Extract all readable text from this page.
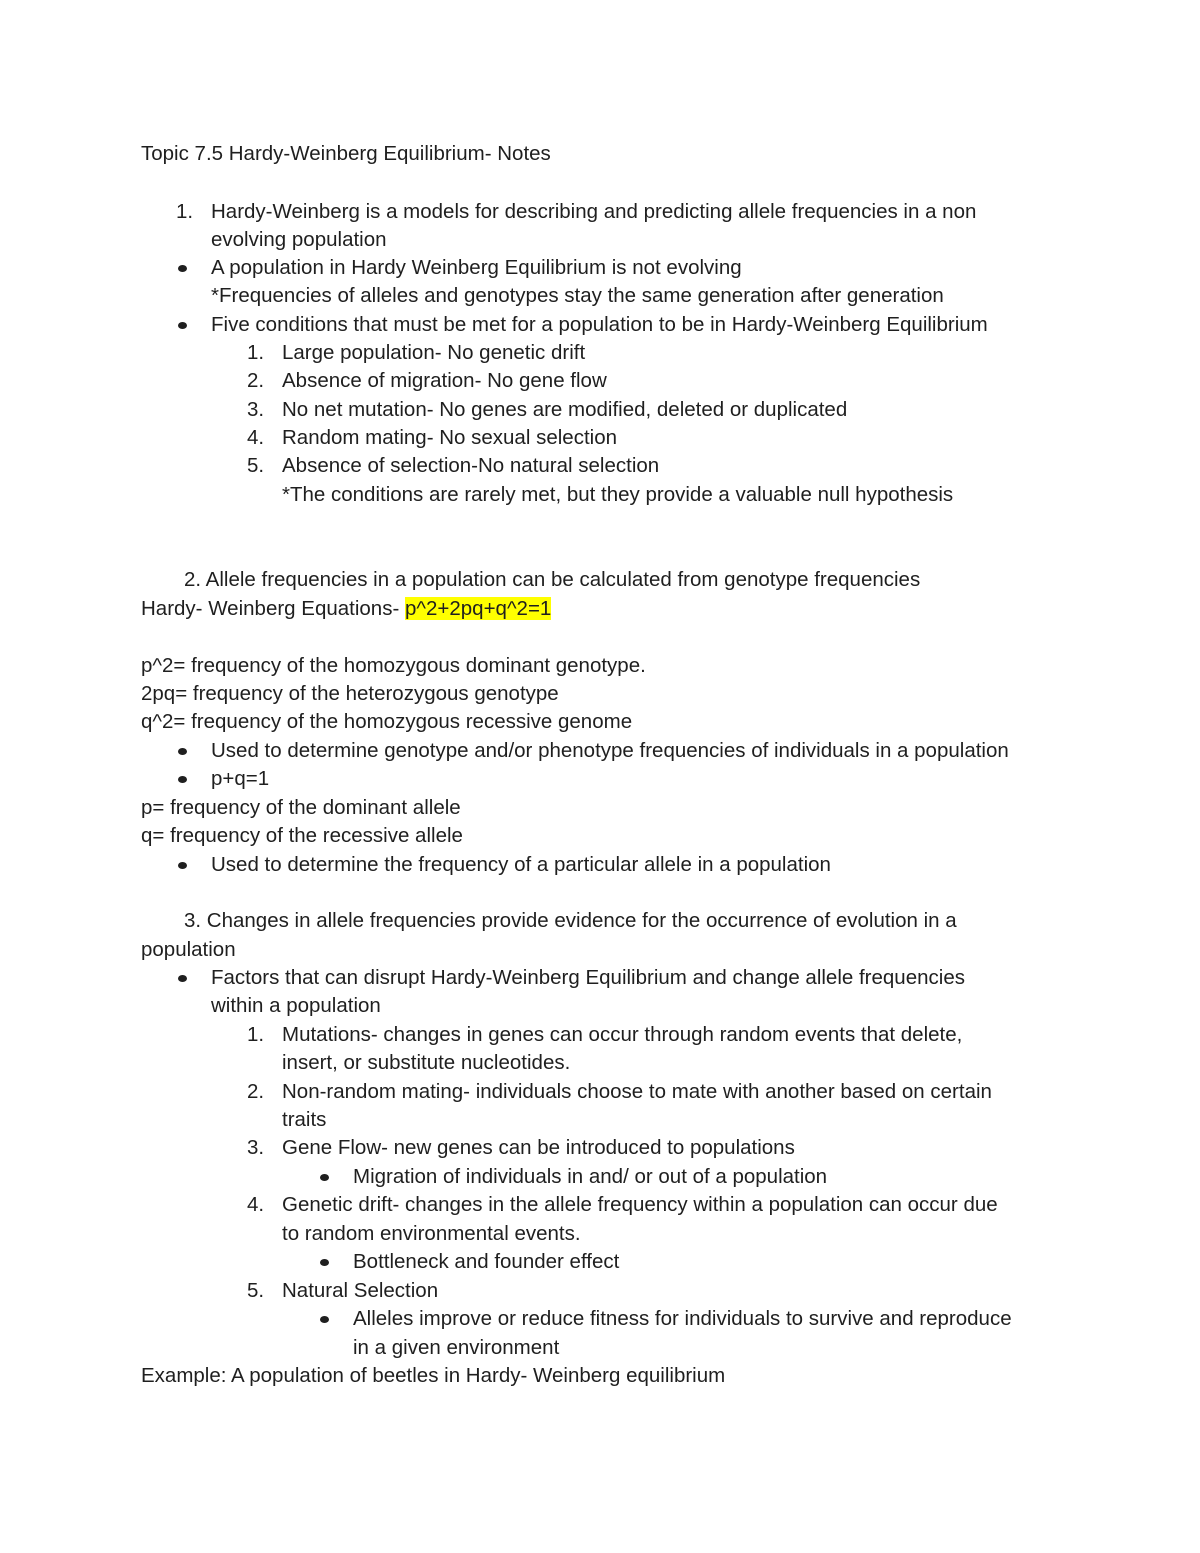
Topic 7.5 Hardy-Weinberg Equilibrium- Notes
1. Hardy-Weinberg is a models for describing and predicting allele frequencies in a non
evolving population
A population in Hardy Weinberg Equilibrium is not evolving
*Frequencies of alleles and genotypes stay the same generation after generation
Five conditions that must be met for a population to be in Hardy-Weinberg Equilibrium
1. Large population- No genetic drift
2. Absence of migration- No gene flow
3. No net mutation- No genes are modified, deleted or duplicated
4. Random mating- No sexual selection
5. Absence of selection-No natural selection
*The conditions are rarely met, but they provide a valuable null hypothesis
2. Allele frequencies in a population can be calculated from genotype frequencies
Hardy- Weinberg Equations- p^2+2pq+q^2=1
p^2= frequency of the homozygous dominant genotype.
2pq= frequency of the heterozygous genotype
q^2= frequency of the homozygous recessive genome
Used to determine genotype and/or phenotype frequencies of individuals in a population
p+q=1
p= frequency of the dominant allele
q= frequency of the recessive allele
Used to determine the frequency of a particular allele in a population
3. Changes in allele frequencies provide evidence for the occurrence of evolution in a
population
Factors that can disrupt Hardy-Weinberg Equilibrium and change allele frequencies
within a population
1. Mutations- changes in genes can occur through random events that delete,
insert, or substitute nucleotides.
2. Non-random mating- individuals choose to mate with another based on certain
traits
3. Gene Flow- new genes can be introduced to populations
Migration of individuals in and/ or out of a population
4. Genetic drift- changes in the allele frequency within a population can occur due
to random environmental events.
Bottleneck and founder effect
5. Natural Selection
Alleles improve or reduce fitness for individuals to survive and reproduce
in a given environment
Example: A population of beetles in Hardy- Weinberg equilibrium
